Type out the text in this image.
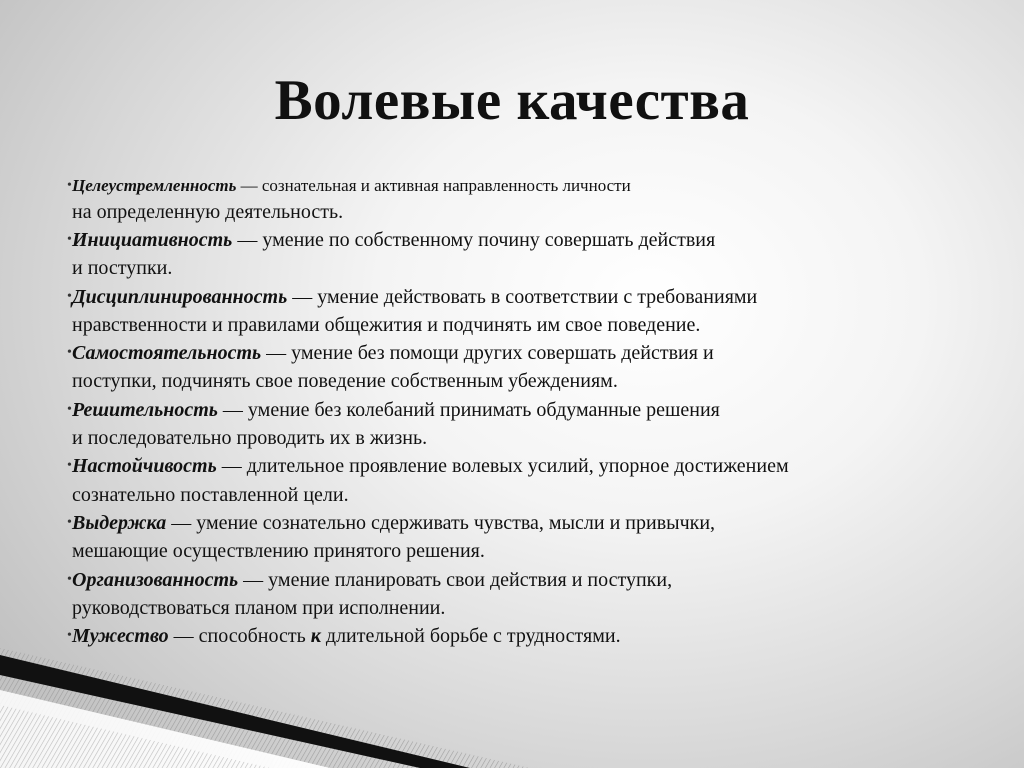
Волевые качества
• Целеустремленность — сознательная и активная направленность личности
на определенную деятельность.
• Инициативность — умение по собственному почину совершать действия
и поступки.
• Дисциплинированность — умение действовать в соответствии с требованиями
нравственности и правилами общежития и подчинять им свое поведение.
• Самостоятельность — умение без помощи других совершать действия и
поступки, подчинять свое поведение собственным убеждениям.
• Решительность — умение без колебаний принимать обдуманные решения
и последовательно проводить их в жизнь.
• Настойчивость — длительное проявление волевых усилий, упорное достижением
сознательно поставленной цели.
• Выдержка — умение сознательно сдерживать чувства, мысли и привычки,
мешающие осуществлению принятого решения.
• Организованность — умение планировать свои действия и поступки,
руководствоваться планом при исполнении.
• Мужество — способность к длительной борьбе с трудностями.
